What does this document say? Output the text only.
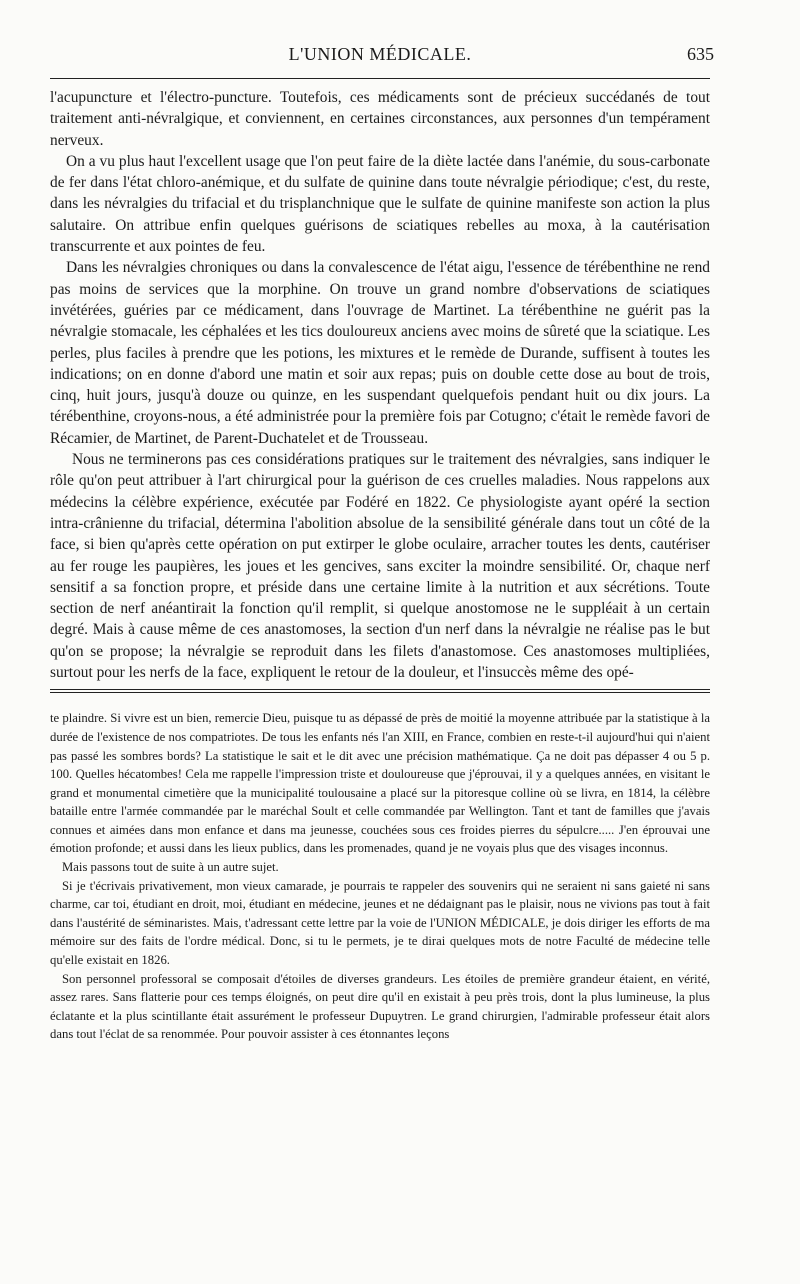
L'UNION MÉDICALE.	635

l'acupuncture et l'électro-puncture. Toutefois, ces médicaments sont de précieux succédanés de tout traitement anti-névralgique, et conviennent, en certaines circonstances, aux personnes d'un tempérament nerveux.

On a vu plus haut l'excellent usage que l'on peut faire de la diète lactée dans l'anémie, du sous-carbonate de fer dans l'état chloro-anémique, et du sulfate de quinine dans toute névralgie périodique; c'est, du reste, dans les névralgies du trifacial et du trisplanchnique que le sulfate de quinine manifeste son action la plus salutaire. On attribue enfin quelques guérisons de sciatiques rebelles au moxa, à la cautérisation transcurrente et aux pointes de feu.

Dans les névralgies chroniques ou dans la convalescence de l'état aigu, l'essence de térébenthine ne rend pas moins de services que la morphine. On trouve un grand nombre d'observations de sciatiques invétérées, guéries par ce médicament, dans l'ouvrage de Martinet. La térébenthine ne guérit pas la névralgie stomacale, les céphalées et les tics douloureux anciens avec moins de sûreté que la sciatique. Les perles, plus faciles à prendre que les potions, les mixtures et le remède de Durande, suffisent à toutes les indications; on en donne d'abord une matin et soir aux repas; puis on double cette dose au bout de trois, cinq, huit jours, jusqu'à douze ou quinze, en les suspendant quelquefois pendant huit ou dix jours. La térébenthine, croyons-nous, a été administrée pour la première fois par Cotugno; c'était le remède favori de Récamier, de Martinet, de Parent-Duchatelet et de Trousseau.

Nous ne terminerons pas ces considérations pratiques sur le traitement des névralgies, sans indiquer le rôle qu'on peut attribuer à l'art chirurgical pour la guérison de ces cruelles maladies. Nous rappelons aux médecins la célèbre expérience, exécutée par Fodéré en 1822. Ce physiologiste ayant opéré la section intra-crânienne du trifacial, détermina l'abolition absolue de la sensibilité générale dans tout un côté de la face, si bien qu'après cette opération on put extirper le globe oculaire, arracher toutes les dents, cautériser au fer rouge les paupières, les joues et les gencives, sans exciter la moindre sensibilité. Or, chaque nerf sensitif a sa fonction propre, et préside dans une certaine limite à la nutrition et aux sécrétions. Toute section de nerf anéantirait la fonction qu'il remplit, si quelque anostomose ne le suppléait à un certain degré. Mais à cause même de ces anastomoses, la section d'un nerf dans la névralgie ne réalise pas le but qu'on se propose; la névralgie se reproduit dans les filets d'anastomose. Ces anastomoses multipliées, surtout pour les nerfs de la face, expliquent le retour de la douleur, et l'insuccès même des opé-

te plaindre. Si vivre est un bien, remercie Dieu, puisque tu as dépassé de près de moitié la moyenne attribuée par la statistique à la durée de l'existence de nos compatriotes. De tous les enfants nés l'an XIII, en France, combien en reste-t-il aujourd'hui qui n'aient pas passé les sombres bords? La statistique le sait et le dit avec une précision mathématique. Ça ne doit pas dépasser 4 ou 5 p. 100. Quelles hécatombes! Cela me rappelle l'impression triste et douloureuse que j'éprouvai, il y a quelques années, en visitant le grand et monumental cimetière que la municipalité toulousaine a placé sur la pitoresque colline où se livra, en 1814, la célèbre bataille entre l'armée commandée par le maréchal Soult et celle commandée par Wellington. Tant et tant de familles que j'avais connues et aimées dans mon enfance et dans ma jeunesse, couchées sous ces froides pierres du sépulcre..... J'en éprouvai une émotion profonde; et aussi dans les lieux publics, dans les promenades, quand je ne voyais plus que des visages inconnus.

Mais passons tout de suite à un autre sujet.

Si je t'écrivais privativement, mon vieux camarade, je pourrais te rappeler des souvenirs qui ne seraient ni sans gaieté ni sans charme, car toi, étudiant en droit, moi, étudiant en médecine, jeunes et ne dédaignant pas le plaisir, nous ne vivions pas tout à fait dans l'austérité de séminaristes. Mais, t'adressant cette lettre par la voie de l'UNION MÉDICALE, je dois diriger les efforts de ma mémoire sur des faits de l'ordre médical. Donc, si tu le permets, je te dirai quelques mots de notre Faculté de médecine telle qu'elle existait en 1826.

Son personnel professoral se composait d'étoiles de diverses grandeurs. Les étoiles de première grandeur étaient, en vérité, assez rares. Sans flatterie pour ces temps éloignés, on peut dire qu'il en existait à peu près trois, dont la plus lumineuse, la plus éclatante et la plus scintillante était assurément le professeur Dupuytren. Le grand chirurgien, l'admirable professeur était alors dans tout l'éclat de sa renommée. Pour pouvoir assister à ces étonnantes leçons
